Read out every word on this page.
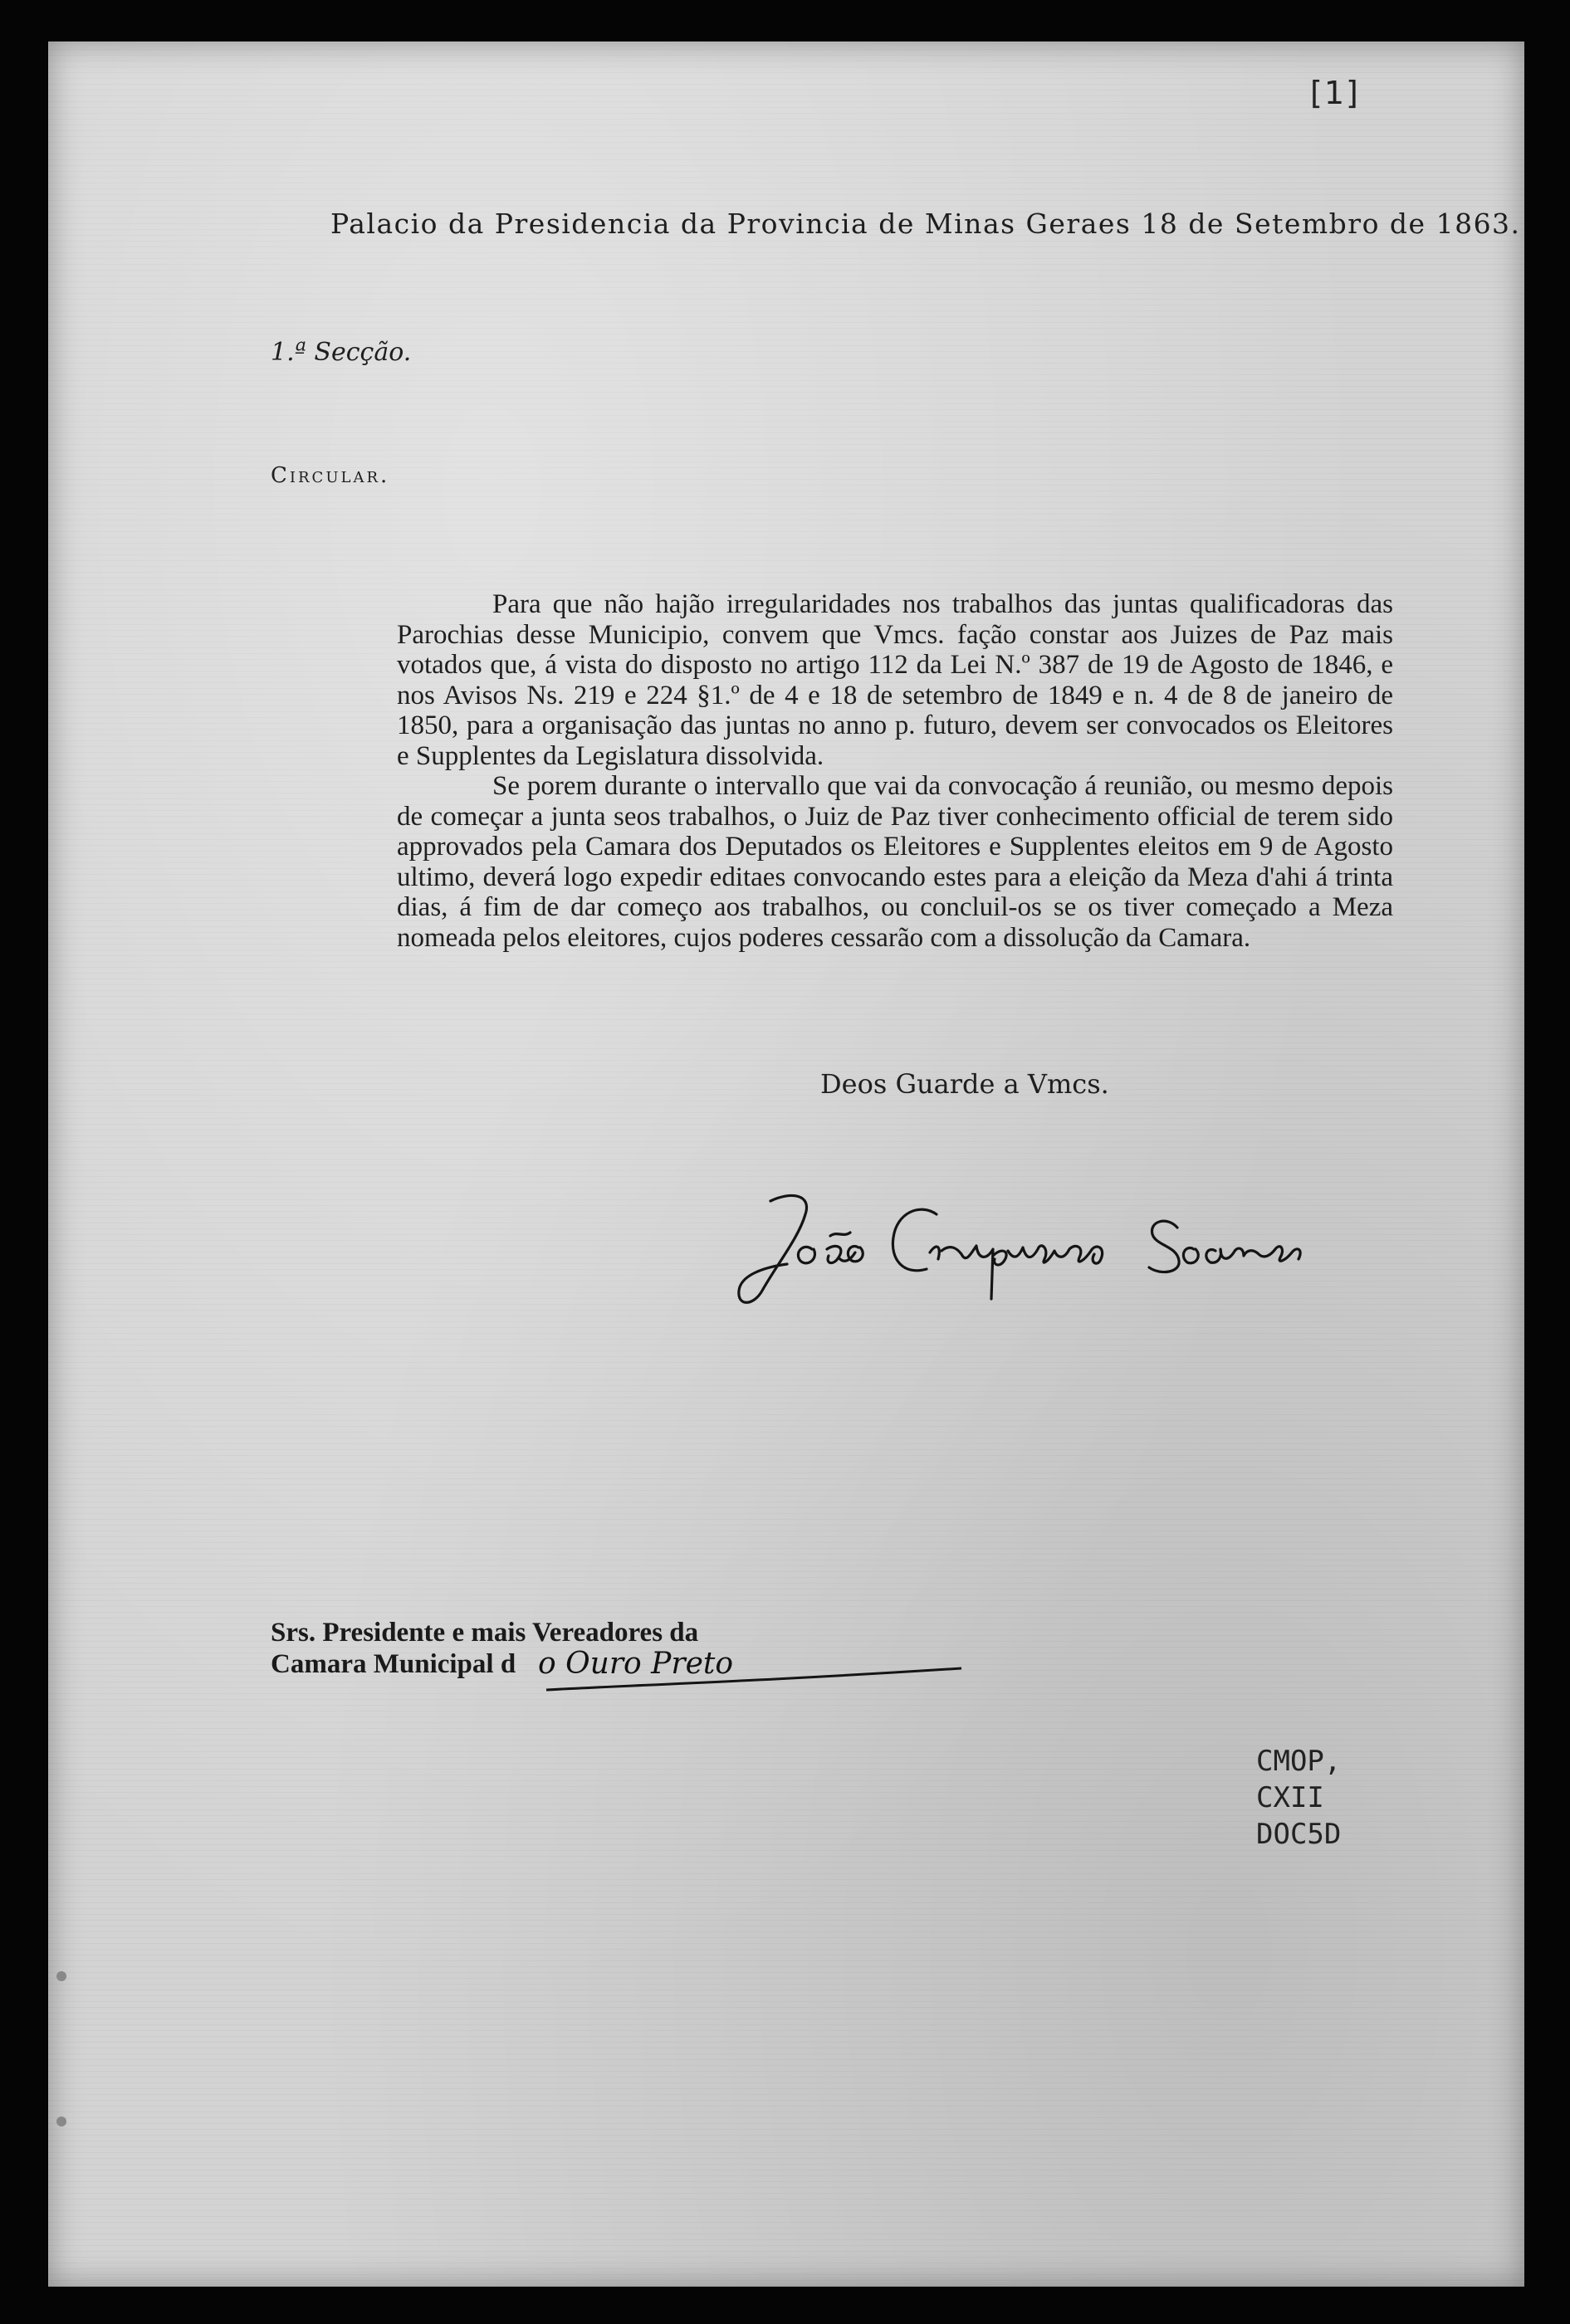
[1]
Palacio da Presidencia da Provincia de Minas Geraes 18 de Setembro de 1863.
1.ª Secção.
Circular.

Para que não hajão irregularidades nos trabalhos das juntas qualificadoras das Parochias desse Municipio, convem que Vmcs. fação constar aos Juizes de Paz mais votados que, á vista do disposto no artigo 112 da Lei N.º 387 de 19 de Agosto de 1846, e nos Avisos Ns. 219 e 224 §1.º de 4 e 18 de setembro de 1849 e n. 4 de 8 de janeiro de 1850, para a organisação das juntas no anno p. futuro, devem ser convocados os Eleitores e Supplentes da Legislatura dissolvida.

Se porem durante o intervallo que vai da convocação á reunião, ou mesmo depois de começar a junta seos trabalhos, o Juiz de Paz tiver conhecimento official de terem sido approvados pela Camara dos Deputados os Eleitores e Supplentes eleitos em 9 de Agosto ultimo, deverá logo expedir editaes convocando estes para a eleição da Meza d'ahi á trinta dias, á fim de dar começo aos trabalhos, ou concluil-os se os tiver começado a Meza nomeada pelos eleitores, cujos poderes cessarão com a dissolução da Camara.

Deos Guarde a Vmcs.
Srs. Presidente e mais Vereadores da
Camara Municipal d o Ouro Preto
CMOP,
CXII
DOC5D
